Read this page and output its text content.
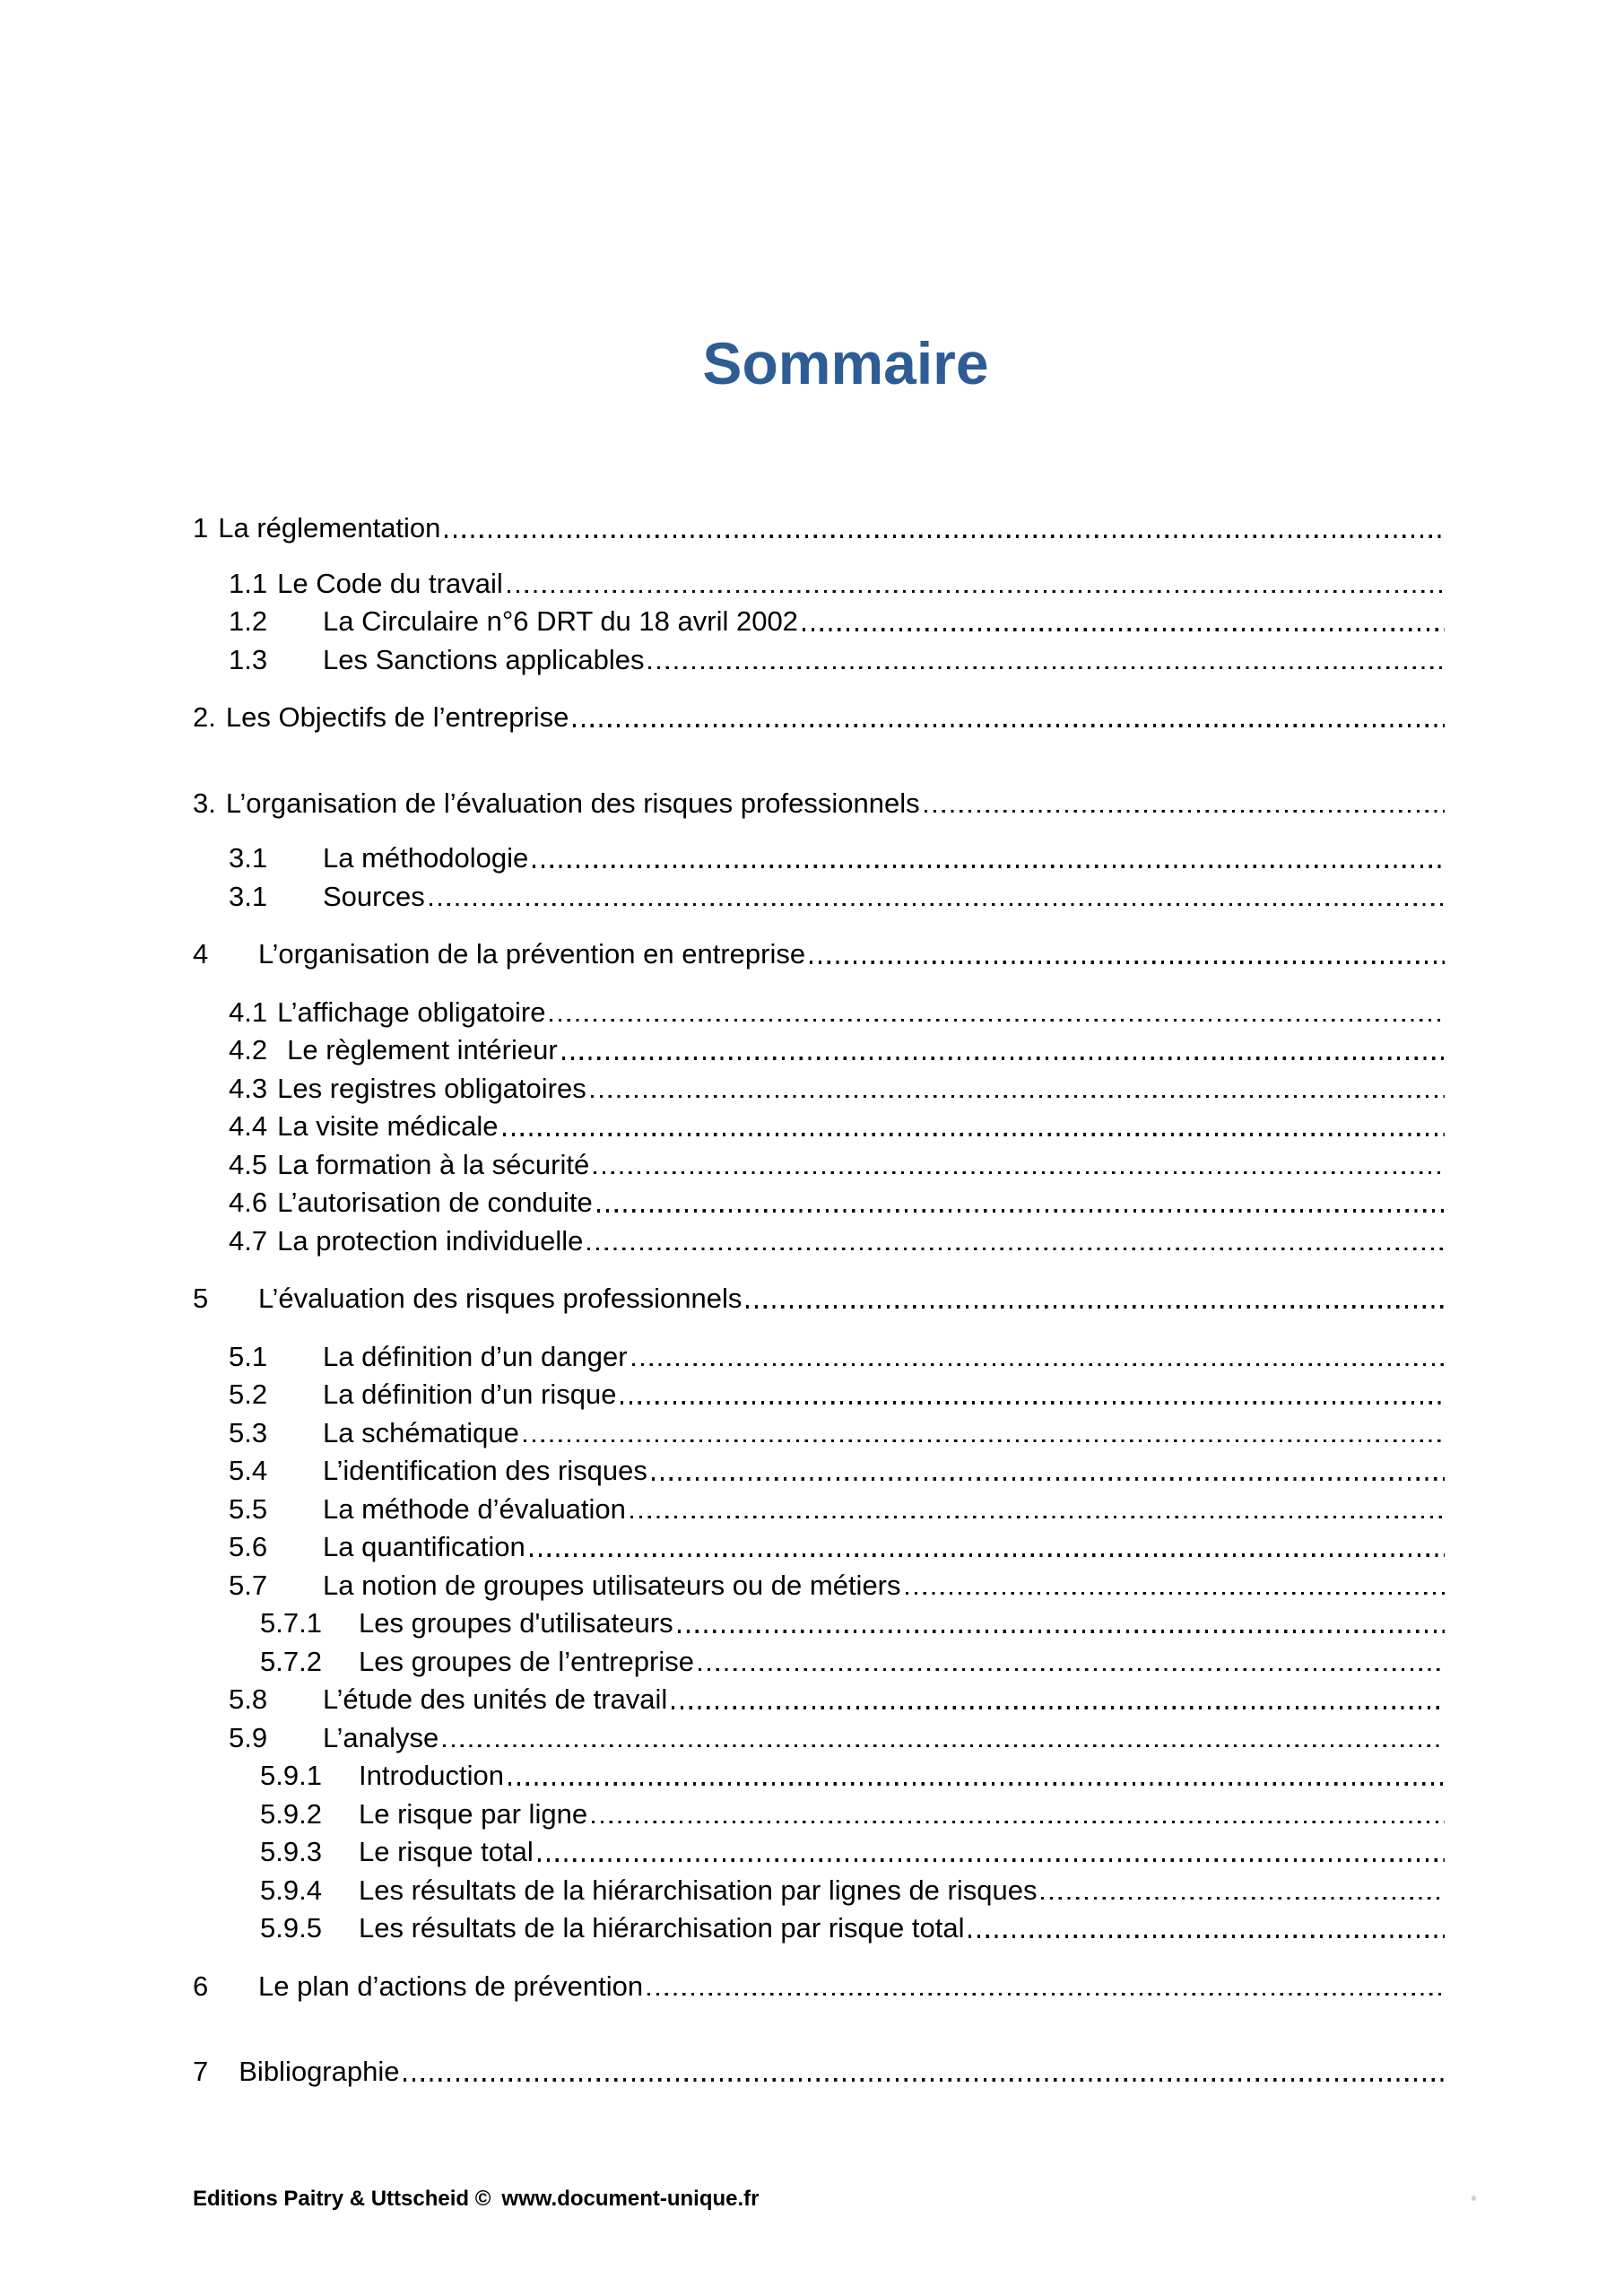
Sommaire
1 La réglementation
1.1 Le Code du travail
1.2	La Circulaire n°6 DRT du 18 avril 2002
1.3	Les Sanctions applicables
2. Les Objectifs de l’entreprise
3. L’organisation de l’évaluation des risques professionnels
3.1	La méthodologie
3.1	Sources
4	L’organisation de la prévention en entreprise
4.1 L’affichage obligatoire
4.2 Le règlement intérieur
4.3 Les registres obligatoires
4.4 La visite médicale
4.5 La formation à la sécurité
4.6 L’autorisation de conduite
4.7 La protection individuelle
5	L’évaluation des risques professionnels
5.1	La définition d’un danger
5.2	La définition d’un risque
5.3	La schématique
5.4	L’identification des risques
5.5	La méthode d’évaluation
5.6	La quantification
5.7	La notion de groupes utilisateurs ou de métiers
5.7.1	Les groupes d'utilisateurs
5.7.2	Les groupes de l’entreprise
5.8	L’étude des unités de travail
5.9	L’analyse
5.9.1	Introduction
5.9.2	Le risque par ligne
5.9.3	Le risque total
5.9.4	Les résultats de la hiérarchisation par lignes de risques
5.9.5	Les résultats de la hiérarchisation par risque total
6	Le plan d’actions de prévention
7 Bibliographie
Editions Paitry & Uttscheid © www.document-unique.fr
